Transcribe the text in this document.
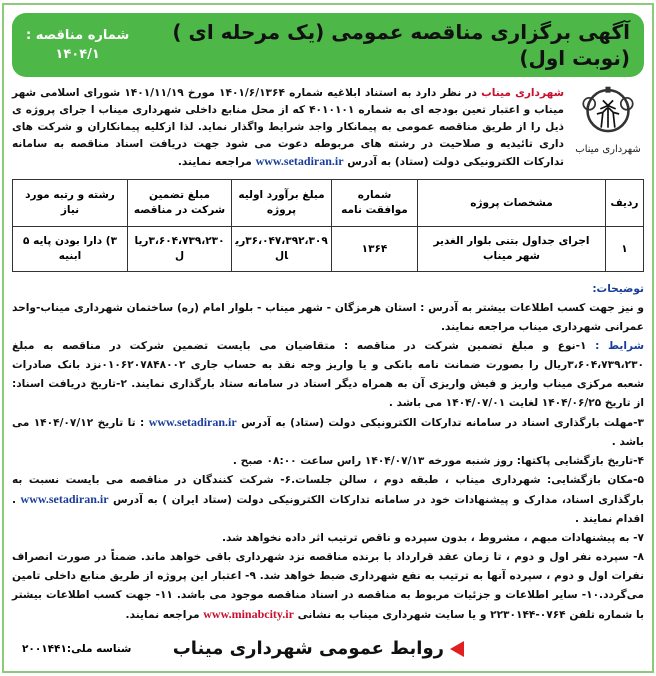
آگهی برگزاری مناقصه عمومی (یک مرحله ای )(نوبت اول)
شماره مناقصه :
۱۴۰۴/۱
شهرداری میناب
شهرداری میناب در نظر دارد به استناد ابلاغیه شماره ۱۴۰۱/۶/۱۳۶۴ مورخ ۱۴۰۱/۱۱/۱۹ شورای اسلامی شهر میناب و اعتبار تعین بودجه ای به شماره ۴۰۱۰۱۰۱ که از محل منابع داخلی شهرداری میناب ا جرای پروژه ی ذیل را از طریق مناقصه عمومی به پیمانکار واجد شرایط واگذار نماید. لذا ازکلیه پیمانکاران و شرکت های داری تائیدیه و صلاحیت در رشته های مربوطه دعوت می شود جهت دریافت اسناد مناقصه به سامانه تدارکات الکترونیکی دولت (ستاد) به آدرس www.setadiran.ir مراجعه نمایند.
ردیف	مشخصات پروژه	شماره موافقت نامه	مبلغ برآورد اولیه پروژه	مبلغ تضمین شرکت در مناقصه	رشته و رتبه مورد نیاز
۱	اجرای جداول بتنی بلوار الغدیر شهر میناب	۱۳۶۴	۳۶،۰۴۷،۳۹۲،۳۰۹ریال	۳،۶۰۴،۷۳۹،۲۳۰ریال	۳) دارا بودن پایه ۵ ابنیه

توضیحات:

و نیز جهت کسب اطلاعات بیشتر به آدرس : استان هرمزگان - شهر میناب - بلوار امام (ره) ساختمان شهرداری میناب-واحد عمرانی شهرداری میناب مراجعه نمایند.

شرایط : ۱-نوع و مبلغ تضمین شرکت در مناقصه : متقاضیان می بایست تضمین شرکت در مناقصه به مبلغ ۳،۶۰۴،۷۳۹،۲۳۰ریال را بصورت ضمانت نامه بانکی و یا واریز وجه نقد به حساب جاری ۰۱۰۶۲۰۷۸۴۸۰۰۲نزد بانک صادرات شعبه مرکزی میناب واریز و فیش واریزی آن به همراه دیگر اسناد در سامانه ستاد بارگذاری نمایند. ۲-تاریخ دریافت اسناد: از تاریخ ۱۴۰۴/۰۶/۲۵ لغایت ۱۴۰۴/۰۷/۰۱ می باشد .

۳-مهلت بارگذاری اسناد در سامانه تدارکات الکترونیکی دولت (ستاد) به آدرس www.setadiran.ir : تا تاریخ ۱۴۰۴/۰۷/۱۲ می باشد .

۴-تاریخ بازگشایی پاکتها: روز شنبه مورخه ۱۴۰۴/۰۷/۱۳ راس ساعت ۰۸:۰۰ صبح .

۵-مکان بازگشایی: شهرداری میناب ، طبقه دوم ، سالن جلسات.۶- شرکت کنندگان در مناقصه می بایست نسبت به بارگذاری اسناد، مدارک و پیشنهادات خود در سامانه تدارکات الکترونیکی دولت (ستاد ایران ) به آدرس www.setadiran.ir . اقدام نمایند .

۷- به پیشنهادات مبهم ، مشروط ، بدون سپرده و ناقص ترتیب اثر داده نخواهد شد.

۸- سپرده نفر اول و دوم ، تا زمان عقد قرارداد با برنده مناقصه نزد شهرداری باقی خواهد ماند. ضمناً در صورت انصراف نفرات اول و دوم ، سپرده آنها به ترتیب به نفع شهرداری ضبط خواهد شد. ۹- اعتبار این پروژه از طریق منابع داخلی تامین می‌گردد.۱۰- سایر اطلاعات و جزئیات مربوط به مناقصه در اسناد مناقصه موجود می باشد. ۱۱- جهت کسب اطلاعات بیشتر با شماره تلفن ۰۷۶۴-۲۲۳۰۱۴۴ و یا سایت شهرداری میناب به نشانی www.minabcity.ir مراجعه نمایند.

شناسه ملی:۲۰۰۱۴۴۱ روابط عمومی شهرداری میناب
